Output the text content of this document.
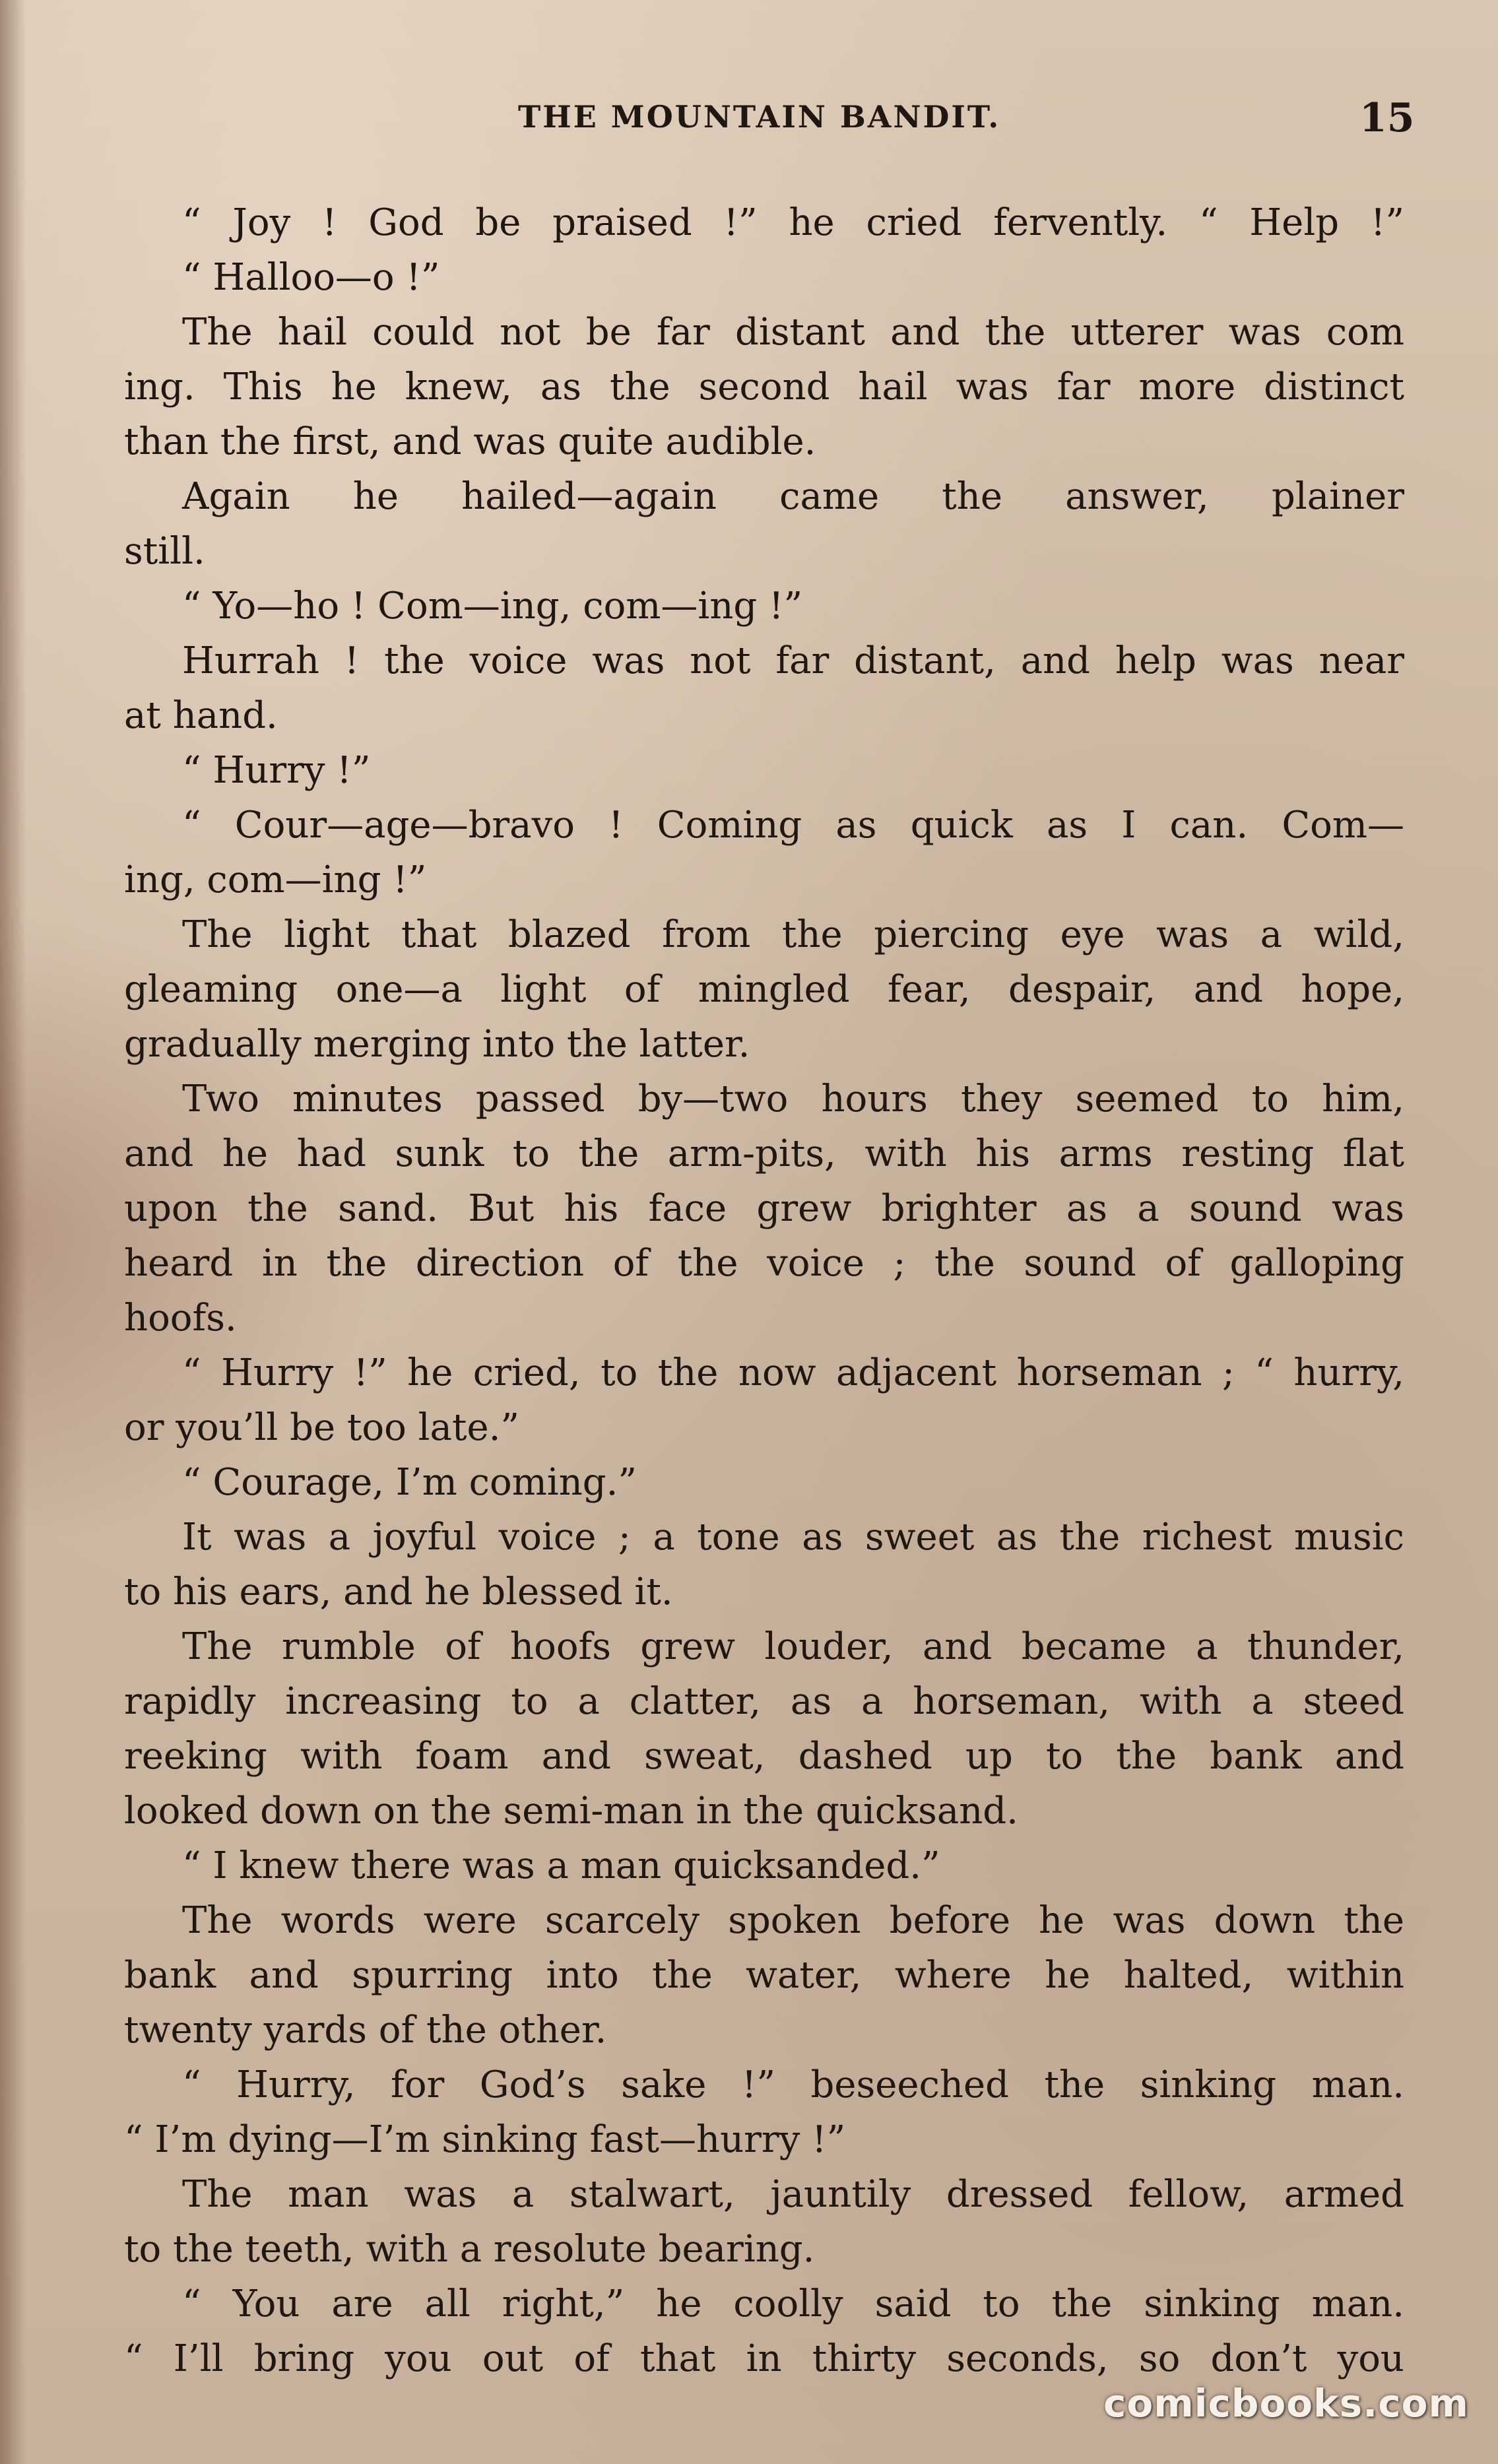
THE MOUNTAIN BANDIT.	15
“ Joy ! God be praised !” he cried fervently. “ Help !”
“ Halloo—o !”
The hail could not be far distant and the utterer was com
ing. This he knew, as the second hail was far more distinct
than the first, and was quite audible.
Again he hailed—again came the answer, plainer
still.
“ Yo—ho ! Com—ing, com—ing !”
Hurrah ! the voice was not far distant, and help was near
at hand.
“ Hurry !”
“ Cour—age—bravo ! Coming as quick as I can. Com—
ing, com—ing !”
The light that blazed from the piercing eye was a wild,
gleaming one—a light of mingled fear, despair, and hope,
gradually merging into the latter.
Two minutes passed by—two hours they seemed to him,
and he had sunk to the arm-pits, with his arms resting flat
upon the sand. But his face grew brighter as a sound was
heard in the direction of the voice ; the sound of galloping
hoofs.
“ Hurry !” he cried, to the now adjacent horseman ; “ hurry,
or you’ll be too late.”
“ Courage, I’m coming.”
It was a joyful voice ; a tone as sweet as the richest music
to his ears, and he blessed it.
The rumble of hoofs grew louder, and became a thunder,
rapidly increasing to a clatter, as a horseman, with a steed
reeking with foam and sweat, dashed up to the bank and
looked down on the semi-man in the quicksand.
“ I knew there was a man quicksanded.”
The words were scarcely spoken before he was down the
bank and spurring into the water, where he halted, within
twenty yards of the other.
“ Hurry, for God’s sake !” beseeched the sinking man.
“ I’m dying—I’m sinking fast—hurry !”
The man was a stalwart, jauntily dressed fellow, armed
to the teeth, with a resolute bearing.
“ You are all right,” he coolly said to the sinking man.
“ I’ll bring you out of that in thirty seconds, so don’t you
comicbooks.com
